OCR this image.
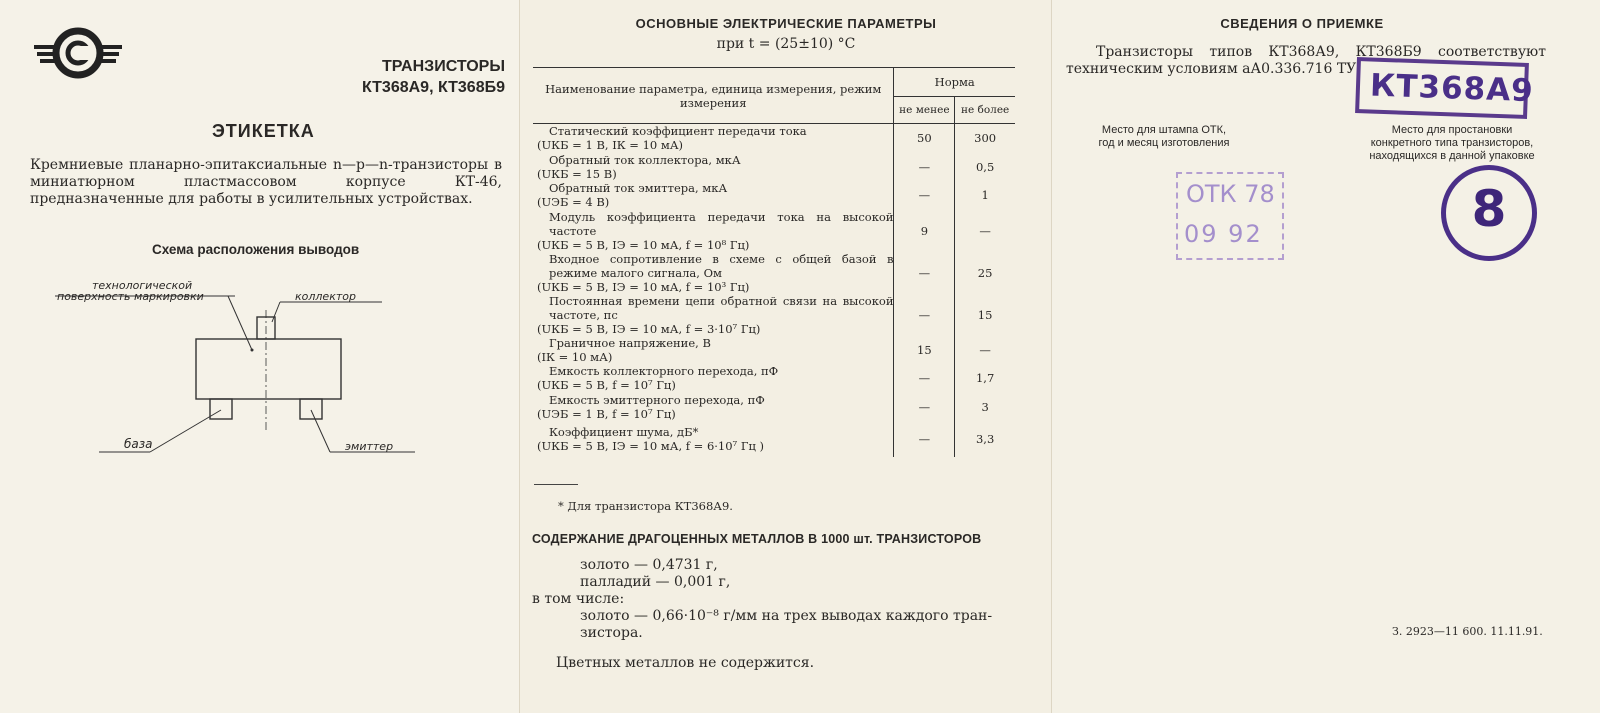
ТРАНЗИСТОРЫ
КТ368А9, КТ368Б9
ЭТИКЕТКА
Кремниевые планарно-эпитаксиальные n—p—n-транзисторы в миниатюрном пластмассовом корпусе КТ-46, предназначенные для работы в усилительных устройствах.
Схема расположения выводов
технологической
поверхность маркировки	коллектор
база	эмиттер
ОСНОВНЫЕ ЭЛЕКТРИЧЕСКИЕ ПАРАМЕТРЫ
при t = (25±10) °С
Наименование параметра, единица измерения, режим измерения	Норма	
	не менее	не более

Статический коэффициент передачи тока
(UКБ = 1 В, IК = 10 мА)	50	300

Обратный ток коллектора, мкА
(UКБ = 15 В)	—	0,5

Обратный ток эмиттера, мкА
(UЭБ = 4 В)	—	1

Модуль коэффициента передачи тока на высокой частоте
(UКБ = 5 В, IЭ = 10 мА, f = 10⁸ Гц)	9	—

Входное сопротивление в схеме с общей базой в режиме малого сигнала, Ом
(UКБ = 5 В, IЭ = 10 мА, f = 10³ Гц)	—	25

Постоянная времени цепи обратной связи на высокой частоте, пс
(UКБ = 5 В, IЭ = 10 мА, f = 3·10⁷ Гц)	—	15

Граничное напряжение, В
(IК = 10 мА)	15	—

Емкость коллекторного перехода, пФ
(UКБ = 5 В, f = 10⁷ Гц)	—	1,7

Емкость эмиттерного перехода, пФ
(UЭБ = 1 В, f = 10⁷ Гц)	—	3

Коэффициент шума, дБ*
(UКБ = 5 В, IЭ = 10 мА, f = 6·10⁷ Гц )	—	3,3
* Для транзистора КТ368А9.
СОДЕРЖАНИЕ ДРАГОЦЕННЫХ МЕТАЛЛОВ В 1000 шт. ТРАНЗИСТОРОВ
золото — 0,4731 г,
палладий — 0,001 г,
в том числе:
золото — 0,66·10⁻⁸ г/мм на трех выводах каждого тран-
зистора.
Цветных металлов не содержится.
СВЕДЕНИЯ О ПРИЕМКЕ
Транзисторы типов КТ368А9, КТ368Б9 соответствуют техническим условиям аА0.336.716 ТУ.
Место для штампа ОТК,
год и месяц изготовления
Место для простановки
конкретного типа транзисторов,
находящихся в данной упаковке
КТ368А9
ОТК 78
09 92	8
З. 2923—11 600. 11.11.91.
